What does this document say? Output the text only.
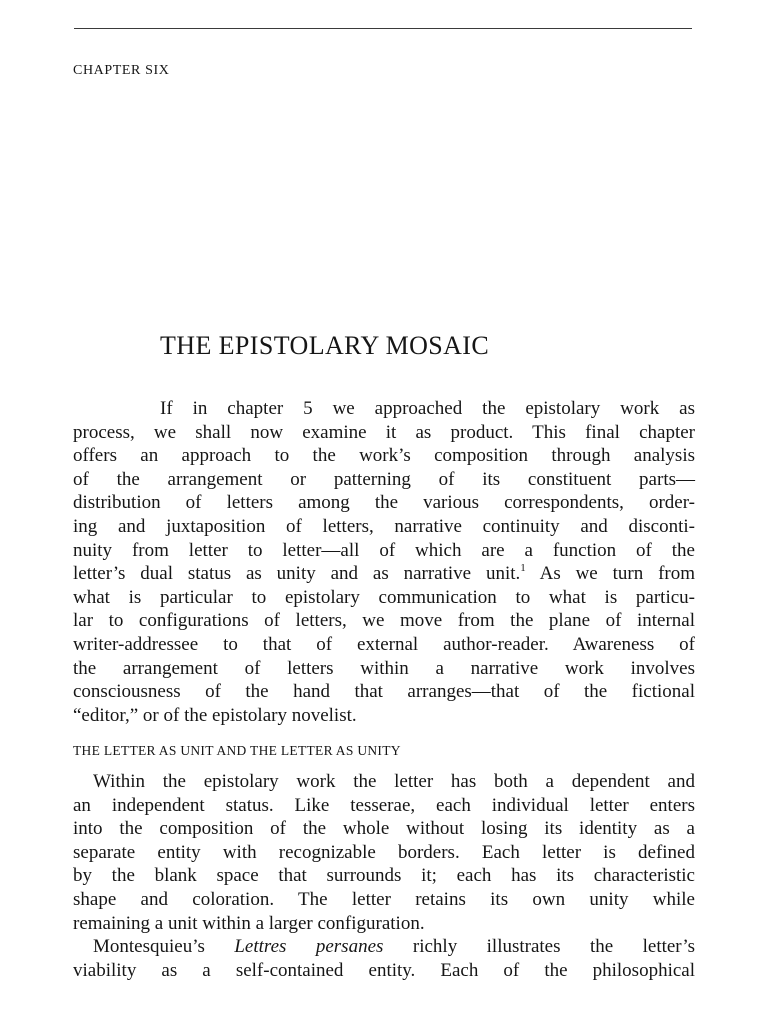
CHAPTER SIX
THE EPISTOLARY MOSAIC
If in chapter 5 we approached the epistolary work as
process, we shall now examine it as product. This final chapter
offers an approach to the work’s composition through analysis
of the arrangement or patterning of its constituent parts—
distribution of letters among the various correspondents, order-
ing and juxtaposition of letters, narrative continuity and disconti-
nuity from letter to letter—all of which are a function of the
letter’s dual status as unity and as narrative unit.$^1$ As we turn from
what is particular to epistolary communication to what is particu-
lar to configurations of letters, we move from the plane of internal
writer-addressee to that of external author-reader. Awareness of
the arrangement of letters within a narrative work involves
consciousness of the hand that arranges—that of the fictional
“editor,” or of the epistolary novelist.
THE LETTER AS UNIT AND THE LETTER AS UNITY
Within the epistolary work the letter has both a dependent and
an independent status. Like tesserae, each individual letter enters
into the composition of the whole without losing its identity as a
separate entity with recognizable borders. Each letter is defined
by the blank space that surrounds it; each has its characteristic
shape and coloration. The letter retains its own unity while
remaining a unit within a larger configuration.
Montesquieu’s Lettres persanes richly illustrates the letter’s
viability as a self-contained entity. Each of the philosophical
